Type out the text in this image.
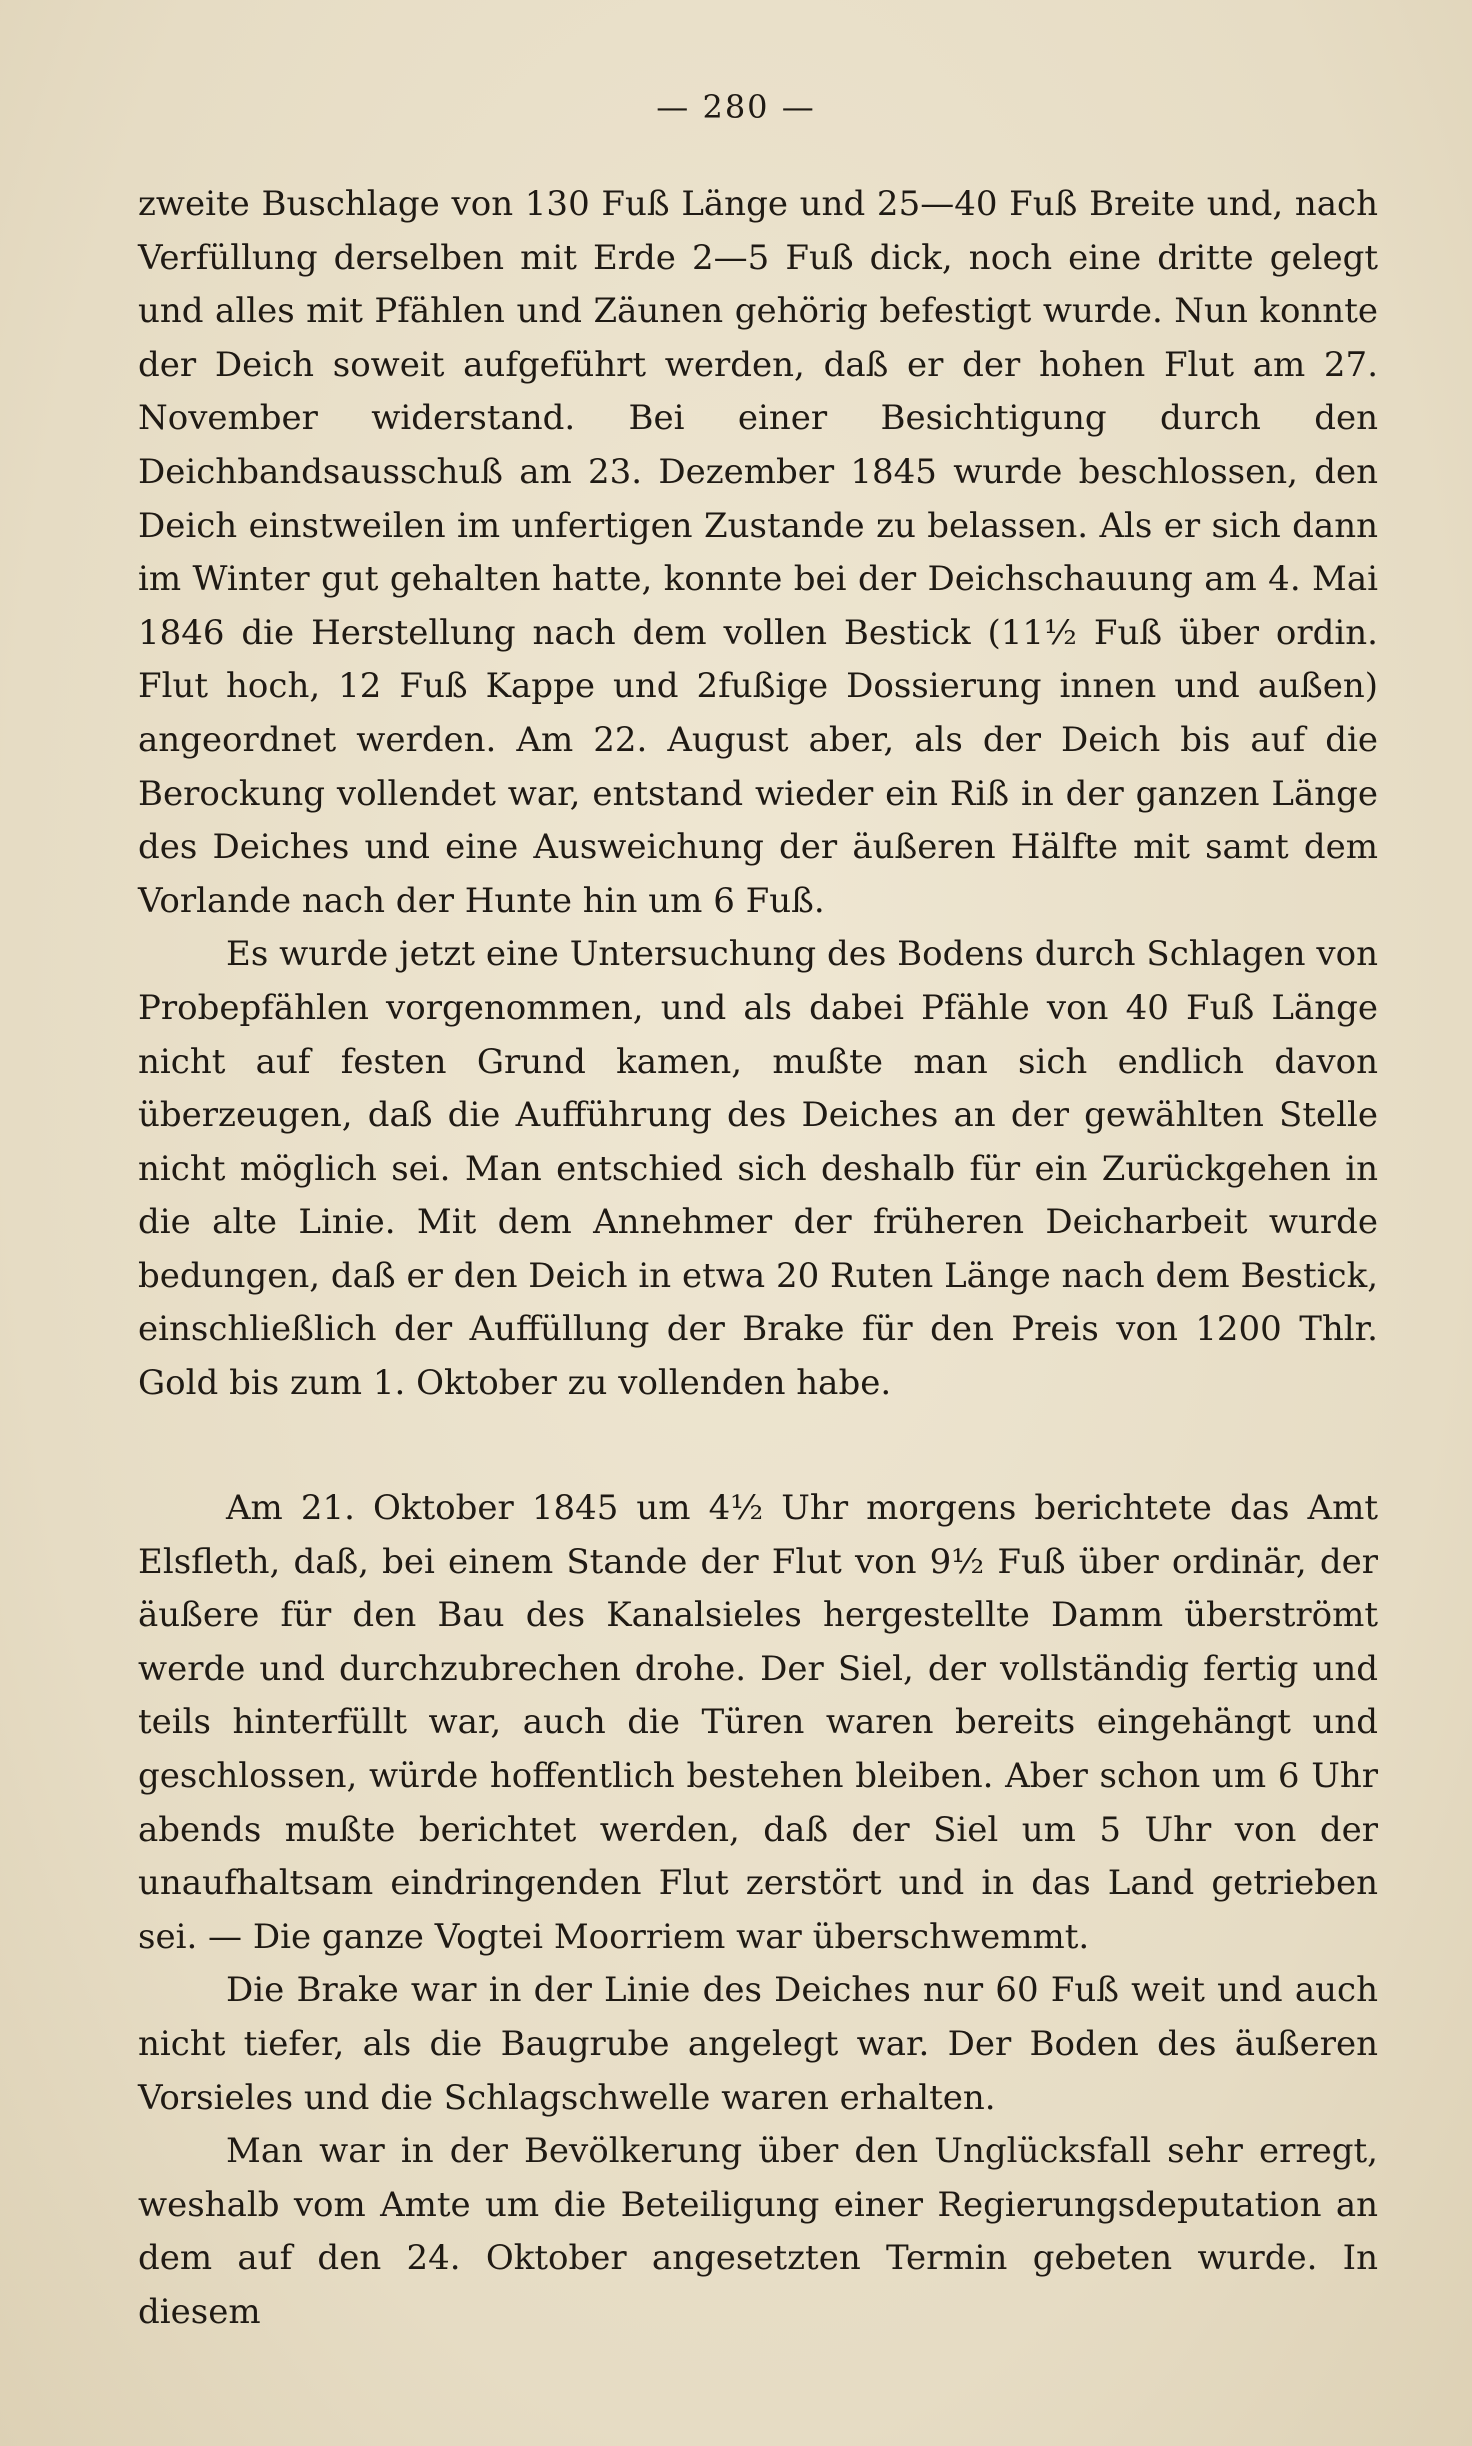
— 280 —

zweite Buschlage von 130 Fuß Länge und 25—40 Fuß Breite und, nach Verfüllung derselben mit Erde 2—5 Fuß dick, noch eine dritte gelegt und alles mit Pfählen und Zäunen gehörig befestigt wurde. Nun konnte der Deich soweit aufgeführt werden, daß er der hohen Flut am 27. November widerstand. Bei einer Besichtigung durch den Deichbandsausschuß am 23. Dezember 1845 wurde beschlossen, den Deich einstweilen im unfertigen Zustande zu belassen. Als er sich dann im Winter gut gehalten hatte, konnte bei der Deichschauung am 4. Mai 1846 die Herstellung nach dem vollen Bestick (11½ Fuß über ordin. Flut hoch, 12 Fuß Kappe und 2fußige Dossierung innen und außen) angeordnet werden. Am 22. August aber, als der Deich bis auf die Berockung vollendet war, entstand wieder ein Riß in der ganzen Länge des Deiches und eine Ausweichung der äußeren Hälfte mit samt dem Vorlande nach der Hunte hin um 6 Fuß.

Es wurde jetzt eine Untersuchung des Bodens durch Schlagen von Probepfählen vorgenommen, und als dabei Pfähle von 40 Fuß Länge nicht auf festen Grund kamen, mußte man sich endlich davon überzeugen, daß die Aufführung des Deiches an der gewählten Stelle nicht möglich sei. Man entschied sich deshalb für ein Zurückgehen in die alte Linie. Mit dem Annehmer der früheren Deicharbeit wurde bedungen, daß er den Deich in etwa 20 Ruten Länge nach dem Bestick, einschließlich der Auffüllung der Brake für den Preis von 1200 Thlr. Gold bis zum 1. Oktober zu vollenden habe.

Am 21. Oktober 1845 um 4½ Uhr morgens berichtete das Amt Elsfleth, daß, bei einem Stande der Flut von 9½ Fuß über ordinär, der äußere für den Bau des Kanalsieles hergestellte Damm überströmt werde und durchzubrechen drohe. Der Siel, der vollständig fertig und teils hinterfüllt war, auch die Türen waren bereits eingehängt und geschlossen, würde hoffentlich bestehen bleiben. Aber schon um 6 Uhr abends mußte berichtet werden, daß der Siel um 5 Uhr von der unaufhaltsam eindringenden Flut zerstört und in das Land getrieben sei. — Die ganze Vogtei Moorriem war überschwemmt.

Die Brake war in der Linie des Deiches nur 60 Fuß weit und auch nicht tiefer, als die Baugrube angelegt war. Der Boden des äußeren Vorsieles und die Schlagschwelle waren erhalten.

Man war in der Bevölkerung über den Unglücksfall sehr erregt, weshalb vom Amte um die Beteiligung einer Regierungsdeputation an dem auf den 24. Oktober angesetzten Termin gebeten wurde. In diesem
